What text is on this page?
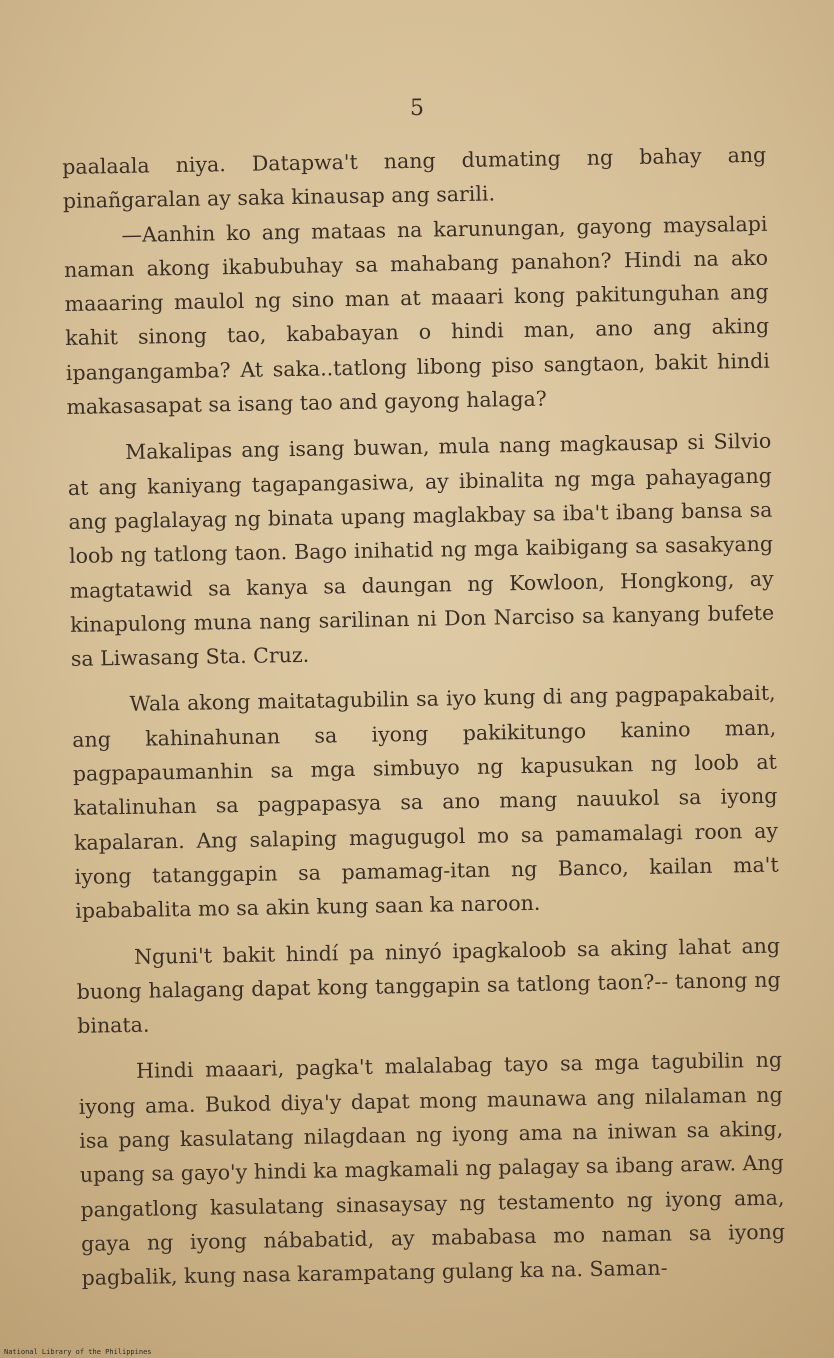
5

paalaala niya. Datapwa't nang dumating ng bahay ang pinañgaralan ay saka kinausap ang sarili.

—Aanhin ko ang mataas na karunungan, gayong maysalapi naman akong ikabubuhay sa mahabang panahon? Hindi na ako maaaring maulol ng sino man at maaari kong pakitunguhan ang kahit sinong tao, kababayan o hindi man, ano ang aking ipangangamba? At saka..tatlong libong piso sangtaon, bakit hindi makasasapat sa isang tao and gayong halaga?

Makalipas ang isang buwan, mula nang magkausap si Silvio at ang kaniyang tagapangasiwa, ay ibinalita ng mga pahayagang ang paglalayag ng binata upang maglakbay sa iba't ibang bansa sa loob ng tatlong taon. Bago inihatid ng mga kaibigang sa sasakyang magtatawid sa kanya sa daungan ng Kowloon, Hongkong, ay kinapulong muna nang sarilinan ni Don Narciso sa kanyang bufete sa Liwasang Sta. Cruz.

Wala akong maitatagubilin sa iyo kung di ang pagpapakabait, ang kahinahunan sa iyong pakikitungo kanino man, pagpapaumanhin sa mga simbuyo ng kapusukan ng loob at katalinuhan sa pagpapasya sa ano mang nauukol sa iyong kapalaran. Ang salaping magugugol mo sa pamamalagi roon ay iyong tatanggapin sa pamamag-itan ng Banco, kailan ma't ipababalita mo sa akin kung saan ka naroon.

Nguni't bakit hindí pa ninyó ipagkaloob sa aking lahat ang buong halagang dapat kong tanggapin sa tatlong taon?-- tanong ng binata.

Hindi maaari, pagka't malalabag tayo sa mga tagubilin ng iyong ama. Bukod diya'y dapat mong maunawa ang nilalaman ng isa pang kasulatang nilagdaan ng iyong ama na iniwan sa aking, upang sa gayo'y hindi ka magkamali ng palagay sa ibang araw. Ang pangatlong kasulatang sinasaysay ng testamento ng iyong ama, gaya ng iyong nábabatid, ay mababasa mo naman sa iyong pagbalik, kung nasa karampatang gulang ka na. Saman-

National Library of the Philippines
